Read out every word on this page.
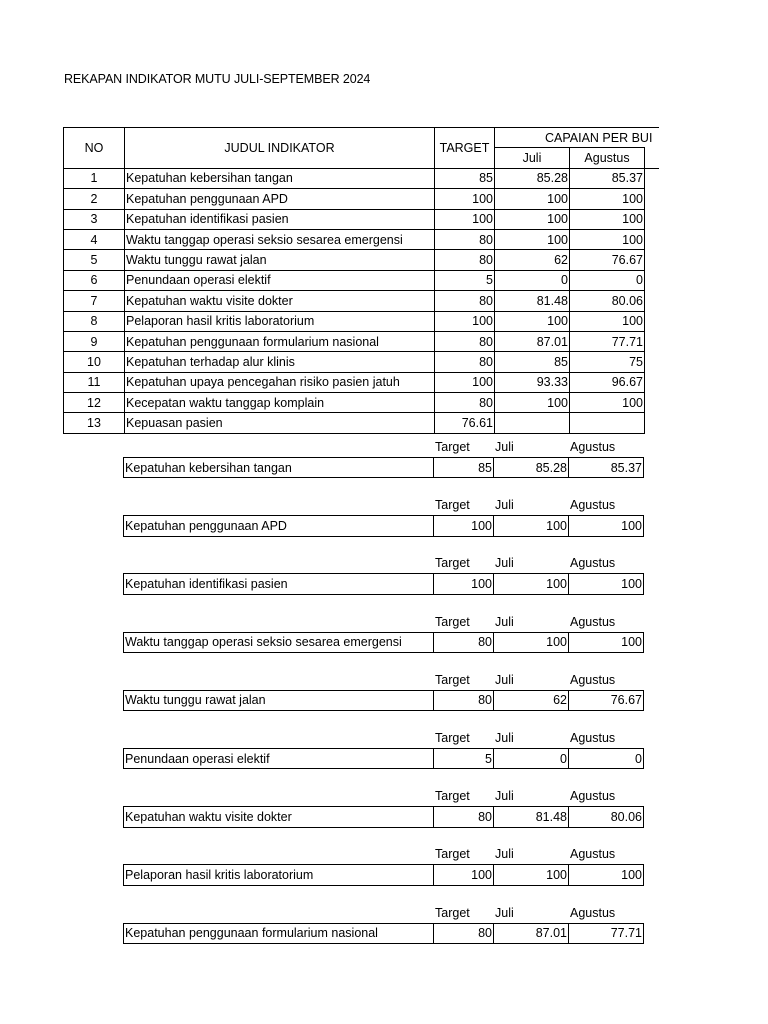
REKAPAN INDIKATOR MUTU JULI-SEPTEMBER 2024
NO	JUDUL INDIKATOR	TARGET	CAPAIAN PER BUI		
			Juli	Agustus	
1	Kepatuhan kebersihan tangan	85	85.28	85.37	
2	Kepatuhan penggunaan APD	100	100	100	
3	Kepatuhan identifikasi pasien	100	100	100	
4	Waktu tanggap operasi seksio sesarea emergensi	80	100	100	
5	Waktu tunggu rawat jalan	80	62	76.67	
6	Penundaan operasi elektif	5	0	0	
7	Kepatuhan waktu visite dokter	80	81.48	80.06	
8	Pelaporan hasil kritis laboratorium	100	100	100	
9	Kepatuhan penggunaan formularium nasional	80	87.01	77.71	
10	Kepatuhan terhadap alur klinis	80	85	75	
11	Kepatuhan upaya pencegahan risiko pasien jatuh	100	93.33	96.67	
12	Kecepatan waktu tanggap komplain	80	100	100	
13	Kepuasan pasien	76.61			
Target Juli	Agustus
Kepatuhan kebersihan tangan	85	85.28	85.37
Target Juli	Agustus
Kepatuhan penggunaan APD	100	100	100
Target Juli	Agustus
Kepatuhan identifikasi pasien	100	100	100
Target Juli	Agustus
Waktu tanggap operasi seksio sesarea emergensi	80	100	100
Target Juli	Agustus
Waktu tunggu rawat jalan	80	62	76.67
Target Juli	Agustus
Penundaan operasi elektif	5	0	0
Target Juli	Agustus
Kepatuhan waktu visite dokter	80	81.48	80.06
Target Juli	Agustus
Pelaporan hasil kritis laboratorium	100	100	100
Target Juli	Agustus
Kepatuhan penggunaan formularium nasional	80	87.01	77.71
